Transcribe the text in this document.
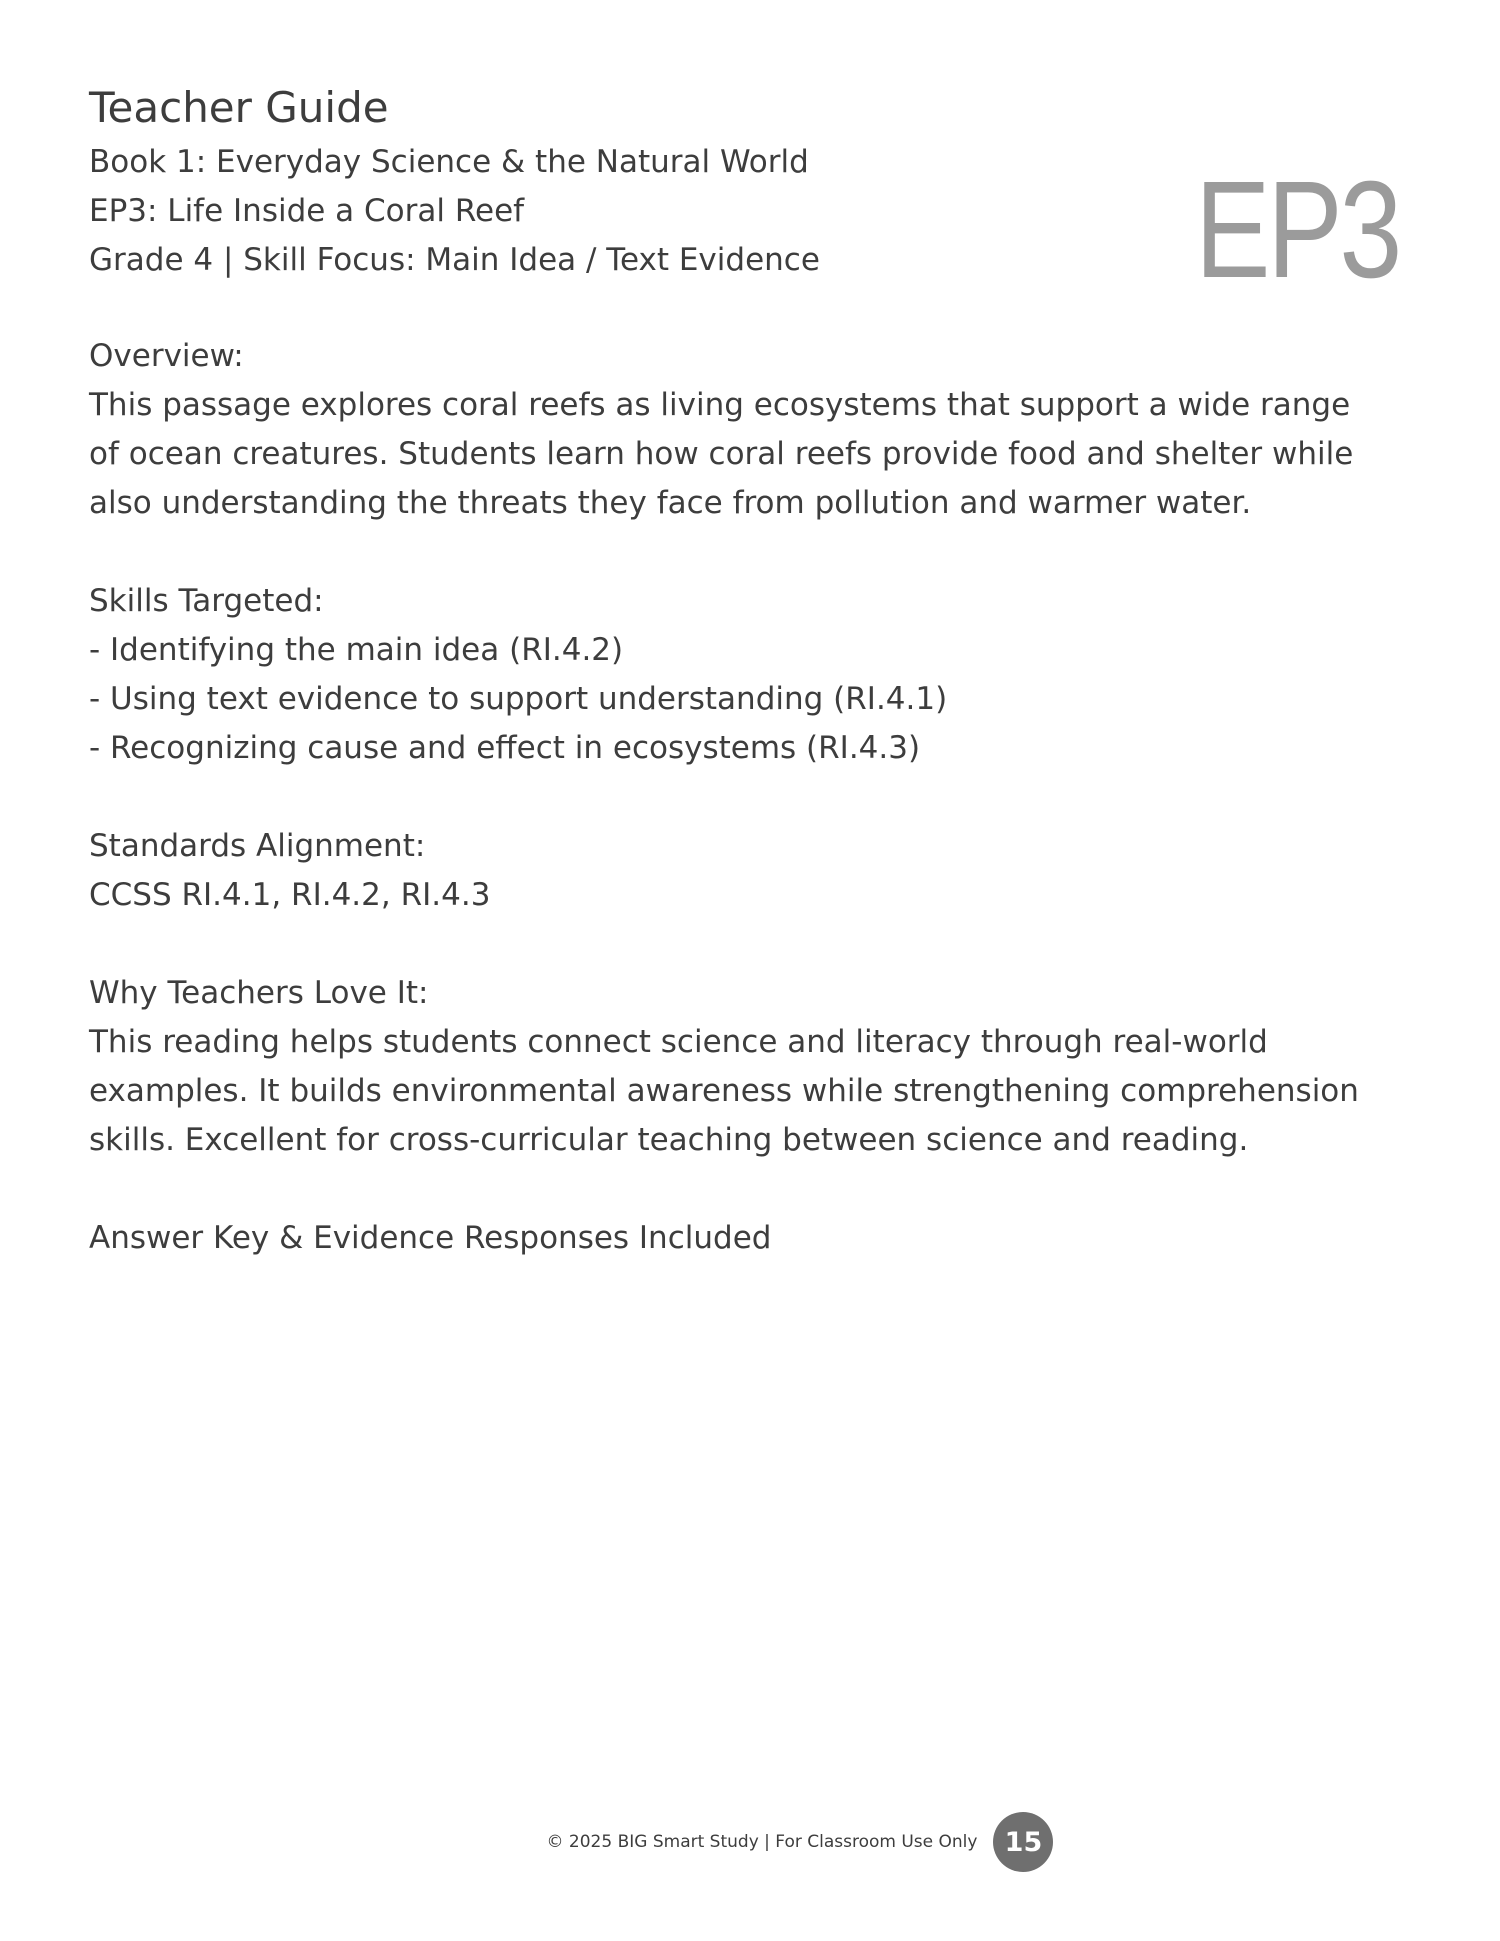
Teacher Guide

Book 1: Everyday Science & the Natural World

EP3: Life Inside a Coral Reef

Grade 4 | Skill Focus: Main Idea / Text Evidence	EP3

Overview:

This passage explores coral reefs as living ecosystems that support a wide range of ocean creatures. Students learn how coral reefs provide food and shelter while also understanding the threats they face from pollution and warmer water.

Skills Targeted:

- Identifying the main idea (RI.4.2)
- Using text evidence to support understanding (RI.4.1)
- Recognizing cause and effect in ecosystems (RI.4.3)

Standards Alignment:

CCSS RI.4.1, RI.4.2, RI.4.3

Why Teachers Love It:

This reading helps students connect science and literacy through real-world examples. It builds environmental awareness while strengthening comprehension skills. Excellent for cross-curricular teaching between science and reading.

Answer Key & Evidence Responses Included

© 2025 BIG Smart Study | For Classroom Use Only	15
